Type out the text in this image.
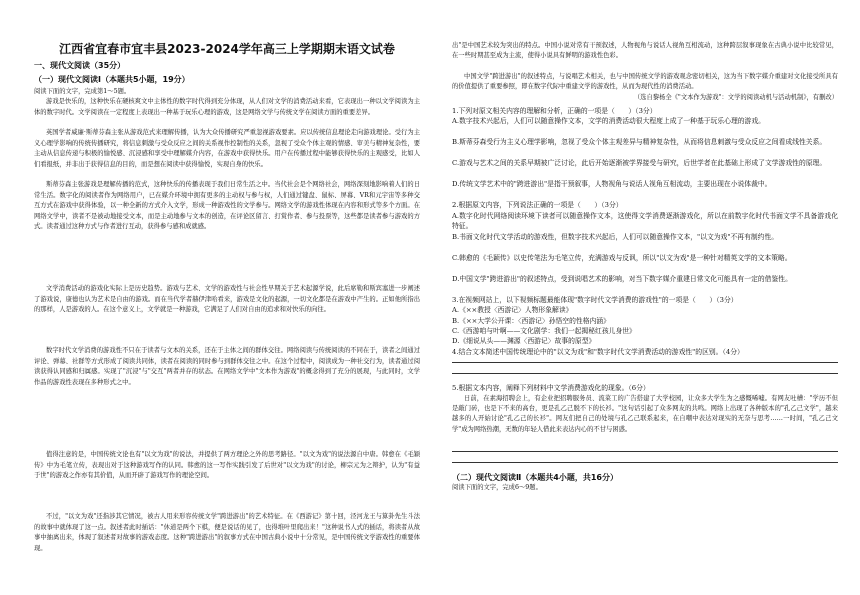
江西省宜春市宜丰县2023-2024学年高三上学期期末语文试卷
一、现代文阅读（35分）
（一）现代文阅读Ⅰ（本题共5小题，19分）

阅读下面的文字，完成第1～5题。

游戏是快乐的，这种快乐在硬核爽文中主体性的数字时代得到充分体现，从人们对文学的消费活动来看，它表现出一种以文学阅读为主体的数字时代。文学阅读在一定程度上表现出一种基于玩乐心理的游戏，这是网络文学与传统文学在阅读方面的重要差异。

英国学者威廉·斯蒂芬森主张从游戏范式来理解传播，认为大众传播研究严重忽视游戏要素。应以传统信息理论走向游戏理论。受行为主义心理学影响的传统传播研究，将信息刺激与受众反应之间的关系视作控制性的关系，忽视了受众个体主观的情感、审美与精神复杂性，要主动从信息传递与积极的愉悦感、沉浸感和享受中理解媒介内容，在游戏中获得快乐。用户在传播过程中能够获得快乐的主观感受，比如人们看报纸，并非出于获得信息的目的，而是想在阅读中获得愉悦，实现自身的快乐。

斯蒂芬森主张游戏是理解传播的范式，这种快乐的传播表现于我们日常生活之中。当代社会是个网络社会，网络深刻地影响着人们的日常生活。数字化的阅读者作为网络用户，已在媒介环境中拥有更多的主动权与参与权，人们通过键盘、鼠标、屏幕、VR和元宇宙等多种交互方式在游戏中获得体验，以一种全新的方式介入文学，形成一种游戏性的文学参与。网络文学的游戏性体现在内容和形式等多个方面。在网络文学中，读者不是被动地接受文本，而是主动地参与文本的创造，在评论区留言、打赏作者、参与投票等，这些都是读者参与游戏的方式。读者通过这种方式与作者进行互动，获得参与感和成就感。

文学消费活动的游戏化实际上是历史趋势。游戏与艺术、文学的游戏性与社会性早期关于艺术起源学说，此后席勒和斯宾塞进一步阐述了游戏说，康德也认为艺术是自由的游戏。而在当代学者赫伊津哈看来，游戏是文化的起源，一切文化都是在游戏中产生的。正如他所指出的那样，人是游戏的人。在这个意义上，文学就是一种游戏，它满足了人们对自由的追求和对快乐的向往。

数字时代文学消费的游戏性不只在于读者与文本的关系，还在于主体之间的群体交往。网络阅读与传统阅读的不同在于，读者之间通过评论、弹幕、社群等方式形成了阅读共同体，读者在阅读的同时参与到群体交往之中。在这个过程中，阅读成为一种社交行为，读者通过阅读获得认同感和归属感。实现了"沉浸"与"交互"两者并存的状态。在网络文学中"文本作为游戏"的概念得到了充分的展现，与此同时，文学作品的游戏性表现在多种形式之中。

值得注意的是，中国传统文论也有"以文为戏"的说法，并提供了两方理论之外的思考路径。"以文为戏"的说法源自中唐。韩愈在《毛颖传》中为毛笔立传，表现出对于这种游戏写作的认同。韩愈的这一写作实践引发了后世对"以文为戏"的讨论，柳宗元为之辩护，认为"有益于世"的游戏之作亦有其价值，从而开辟了游戏写作的理论空间。

不过，"以文为戏"还指涉其它情况，被古人用来形容传统文学"跨进游出"的艺术特征。在《西游记》第十回，泾河龙王与算卦先生斗法的故事中就体现了这一点。叙述者此时插话："休道是两个下棋，便是说话的见了，也得堆叶里爬出来！"这种说书人式的插话，将读者从故事中抽离出来，体现了叙述者对故事的游戏态度。这种"跨进游出"的叙事方式在中国古典小说中十分常见，是中国传统文学游戏性的重要体现。

出"是中国艺术较为突出的特点。中国小说对常有干预叙述，人物视角与说话人视角互相流动，这种跨层叙事现象在古典小说中比较常见，在一些时期甚至成为主流，使得小说具有鲜明的游戏性色彩。

中国文学"跨进游出"的叙述特点，与说唱艺术相关，也与中国传统文学的游戏观念密切相关，这为当下数字媒介重建对文化接受所具有的价值提供了重要参照，即在数字代际中重建文学的游戏性，从而为现代性的消费活动。

（选自黎杨全《"文本作为游戏"：文学的阅读动机与活动机制》，有删改）

1.下列对原文相关内容的理解和分析，正确的一项是（　　）（3分）

A.数字技术兴起后，人们可以随意操作文本，文学的消费活动很大程度上成了一种基于玩乐心理的游戏。

B.斯蒂芬森受行为主义心理学影响，忽视了受众个体主观差异与精神复杂性，从而将信息刺激与受众反应之间看成线性关系。

C.游戏与艺术之间的关系早期被广泛讨论，此后开始逐渐被学界接受与研究，后世学者在此基础上形成了文学游戏性的原理。

D.传统文学艺术中的"跨进游出"是指干预叙事，人物视角与说话人视角互相流动，主要出现在小说体裁中。

2.根据原文内容，下列说法正确的一项是（　　）（3分）

A.数字化时代网络阅读环境下读者可以随意操作文本，这使得文学消费逐渐游戏化，所以在前数字化时代书面文学不具备游戏化特征。

B.书面文化时代文学活动的游戏性，但数字技术兴起后，人们可以随意操作文本，"以文为戏"不再有制约性。

C.韩愈的《毛颖传》以史传笔法为毛笔立传，充满游戏与反讽，所以"以文为戏"是一种针对精英文学的文本策略。

D.中国文学"跨进游出"的叙述特点，受到说唱艺术的影响，对当下数字媒介重建日常文化可能具有一定的借鉴性。

3.在视频网站上，以下视频标题最能体现"数字时代文学消费的游戏性"的一项是（　　）（3分）

A.《××教授〈西游记〉人物形象解读》

B.《××大学公开课：〈西游记〉孙悟空的性格内涵》

C.《西游咱与叶啊——文化剧学：我们一起揭秘红孩儿身世》

D.《细说从头——渊源〈西游记〉故事的原型》

4.结合文本简述中国传统理论中的"以文为戏"和"数字时代文学消费活动的游戏性"的区别。（4分）

5.根据文本内容，阐释下列材料中文学消费游戏化的现象。（6分）

日前，在素海招聘会上，有企业把招聘服务员、流菜工的广告搭建了大学校园，让众多大学生为之感慨唏嘘。有网友吐槽："学历不但是敲门砖，也是下不来的高台，更是孔乙己脱不下的长衫。"这句话引起了众多网友的共鸣。网络上出现了各种版本的"孔乙己文学"，越来越多的人开始讨论"孔乙己的长衫"。网友们把自己的处境与孔乙己联系起来，在自嘲中表达对现实的无奈与思考……一时间，"孔乙己文学"成为网络热潮，无数的年轻人借此来表达内心的不甘与困惑。

（二）现代文阅读Ⅱ（本题共4小题，共16分）

阅读下面的文字，完成6～9题。
